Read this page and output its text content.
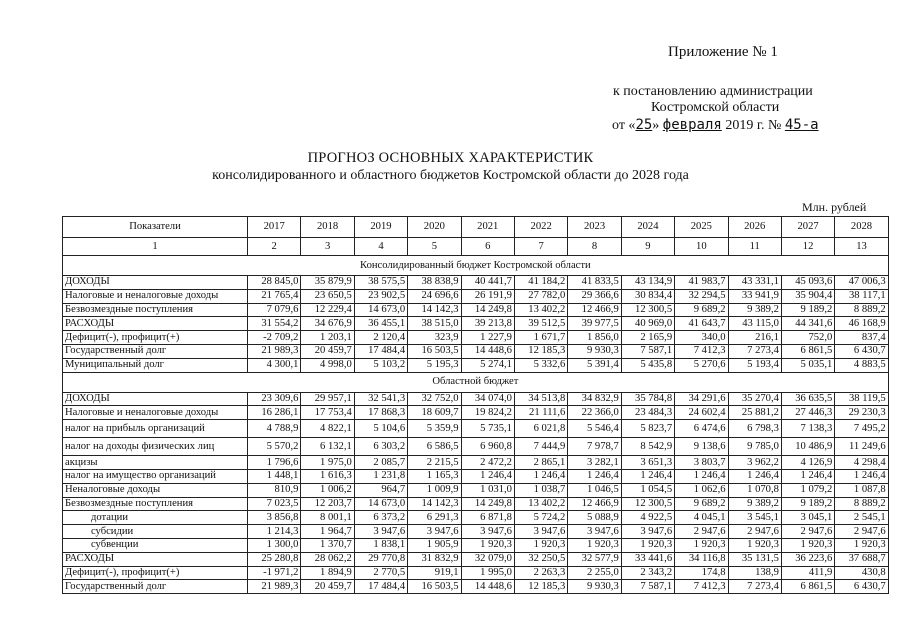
Приложение № 1
к постановлению администрации
Костромской области
от «25» февраля 2019 г. № 45-а
ПРОГНОЗ ОСНОВНЫХ ХАРАКТЕРИСТИК
консолидированного и областного бюджетов Костромской области до 2028 года
Млн. рублей
Показатели	2017	2018	2019	2020	2021	2022	2023	2024	2025	2026	2027	2028
1	2	3	4	5	6	7	8	9	10	11	12	13
Консолидированный бюджет Костромской области												
ДОХОДЫ	28 845,0	35 879,9	38 575,5	38 838,9	40 441,7	41 184,2	41 833,5	43 134,9	41 983,7	43 331,1	45 093,6	47 006,3
Налоговые и неналоговые доходы	21 765,4	23 650,5	23 902,5	24 696,6	26 191,9	27 782,0	29 366,6	30 834,4	32 294,5	33 941,9	35 904,4	38 117,1
Безвозмездные поступления	7 079,6	12 229,4	14 673,0	14 142,3	14 249,8	13 402,2	12 466,9	12 300,5	9 689,2	9 389,2	9 189,2	8 889,2
РАСХОДЫ	31 554,2	34 676,9	36 455,1	38 515,0	39 213,8	39 512,5	39 977,5	40 969,0	41 643,7	43 115,0	44 341,6	46 168,9
Дефицит(-), профицит(+)	-2 709,2	1 203,1	2 120,4	323,9	1 227,9	1 671,7	1 856,0	2 165,9	340,0	216,1	752,0	837,4
Государственный долг	21 989,3	20 459,7	17 484,4	16 503,5	14 448,6	12 185,3	9 930,3	7 587,1	7 412,3	7 273,4	6 861,5	6 430,7
Муниципальный долг	4 300,1	4 998,0	5 103,2	5 195,3	5 274,1	5 332,6	5 391,4	5 435,8	5 270,6	5 193,4	5 035,1	4 883,5
Областной бюджет												
ДОХОДЫ	23 309,6	29 957,1	32 541,3	32 752,0	34 074,0	34 513,8	34 832,9	35 784,8	34 291,6	35 270,4	36 635,5	38 119,5
Налоговые и неналоговые доходы	16 286,1	17 753,4	17 868,3	18 609,7	19 824,2	21 111,6	22 366,0	23 484,3	24 602,4	25 881,2	27 446,3	29 230,3
налог на прибыль организаций	4 788,9	4 822,1	5 104,6	5 359,9	5 735,1	6 021,8	5 546,4	5 823,7	6 474,6	6 798,3	7 138,3	7 495,2
налог на доходы физических лиц	5 570,2	6 132,1	6 303,2	6 586,5	6 960,8	7 444,9	7 978,7	8 542,9	9 138,6	9 785,0	10 486,9	11 249,6
акцизы	1 796,6	1 975,0	2 085,7	2 215,5	2 472,2	2 865,1	3 282,1	3 651,3	3 803,7	3 962,2	4 126,9	4 298,4
налог на имущество организаций	1 448,1	1 616,3	1 231,8	1 165,3	1 246,4	1 246,4	1 246,4	1 246,4	1 246,4	1 246,4	1 246,4	1 246,4
Неналоговые доходы	810,9	1 006,2	964,7	1 009,9	1 031,0	1 038,7	1 046,5	1 054,5	1 062,6	1 070,8	1 079,2	1 087,8
Безвозмездные поступления	7 023,5	12 203,7	14 673,0	14 142,3	14 249,8	13 402,2	12 466,9	12 300,5	9 689,2	9 389,2	9 189,2	8 889,2
дотации	3 856,8	8 001,1	6 373,2	6 291,3	6 871,8	5 724,2	5 088,9	4 922,5	4 045,1	3 545,1	3 045,1	2 545,1
субсидии	1 214,3	1 964,7	3 947,6	3 947,6	3 947,6	3 947,6	3 947,6	3 947,6	2 947,6	2 947,6	2 947,6	2 947,6
субвенции	1 300,0	1 370,7	1 838,1	1 905,9	1 920,3	1 920,3	1 920,3	1 920,3	1 920,3	1 920,3	1 920,3	1 920,3
РАСХОДЫ	25 280,8	28 062,2	29 770,8	31 832,9	32 079,0	32 250,5	32 577,9	33 441,6	34 116,8	35 131,5	36 223,6	37 688,7
Дефицит(-), профицит(+)	-1 971,2	1 894,9	2 770,5	919,1	1 995,0	2 263,3	2 255,0	2 343,2	174,8	138,9	411,9	430,8
Государственный долг	21 989,3	20 459,7	17 484,4	16 503,5	14 448,6	12 185,3	9 930,3	7 587,1	7 412,3	7 273,4	6 861,5	6 430,7
